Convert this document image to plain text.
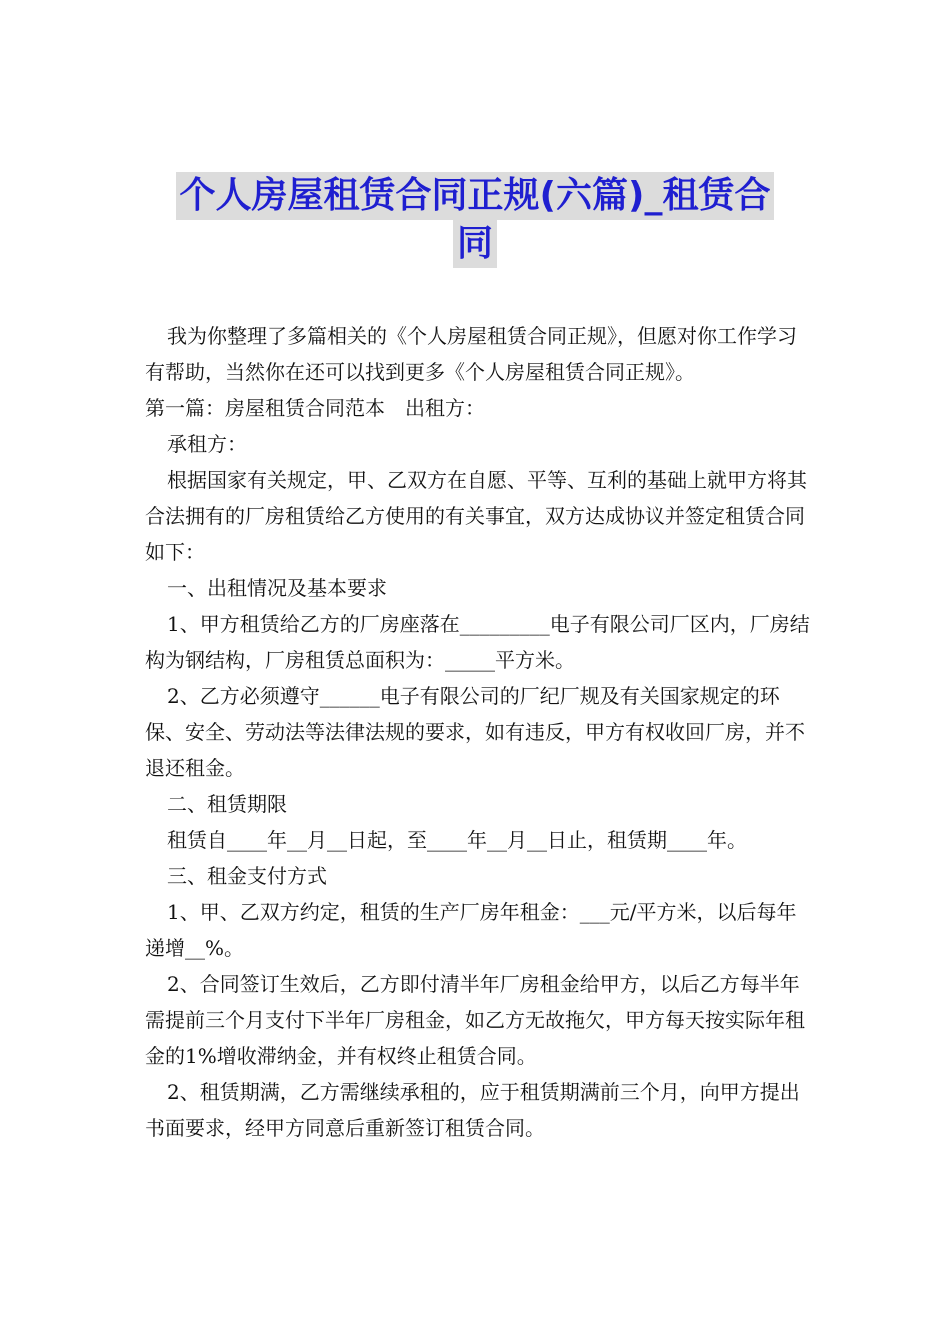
个人房屋租赁合同正规(六篇)_租赁合
同

我为你整理了多篇相关的《个人房屋租赁合同正规》，但愿对你工作学习有帮助，当然你在还可以找到更多《个人房屋租赁合同正规》。

第一篇：房屋租赁合同范本　出租方：

承租方：

根据国家有关规定，甲、乙双方在自愿、平等、互利的基础上就甲方将其合法拥有的厂房租赁给乙方使用的有关事宜，双方达成协议并签定租赁合同如下：

一、出租情况及基本要求

1、甲方租赁给乙方的厂房座落在_________电子有限公司厂区内，厂房结构为钢结构，厂房租赁总面积为：_____平方米。

2、乙方必须遵守______电子有限公司的厂纪厂规及有关国家规定的环保、安全、劳动法等法律法规的要求，如有违反，甲方有权收回厂房，并不退还租金。

二、租赁期限

租赁自____年__月__日起，至____年__月__日止，租赁期____年。

三、租金支付方式

1、甲、乙双方约定，租赁的生产厂房年租金：___元/平方米，以后每年递增__%。

2、合同签订生效后，乙方即付清半年厂房租金给甲方，以后乙方每半年需提前三个月支付下半年厂房租金，如乙方无故拖欠，甲方每天按实际年租金的1%增收滞纳金，并有权终止租赁合同。

2、租赁期满，乙方需继续承租的，应于租赁期满前三个月，向甲方提出书面要求，经甲方同意后重新签订租赁合同。
